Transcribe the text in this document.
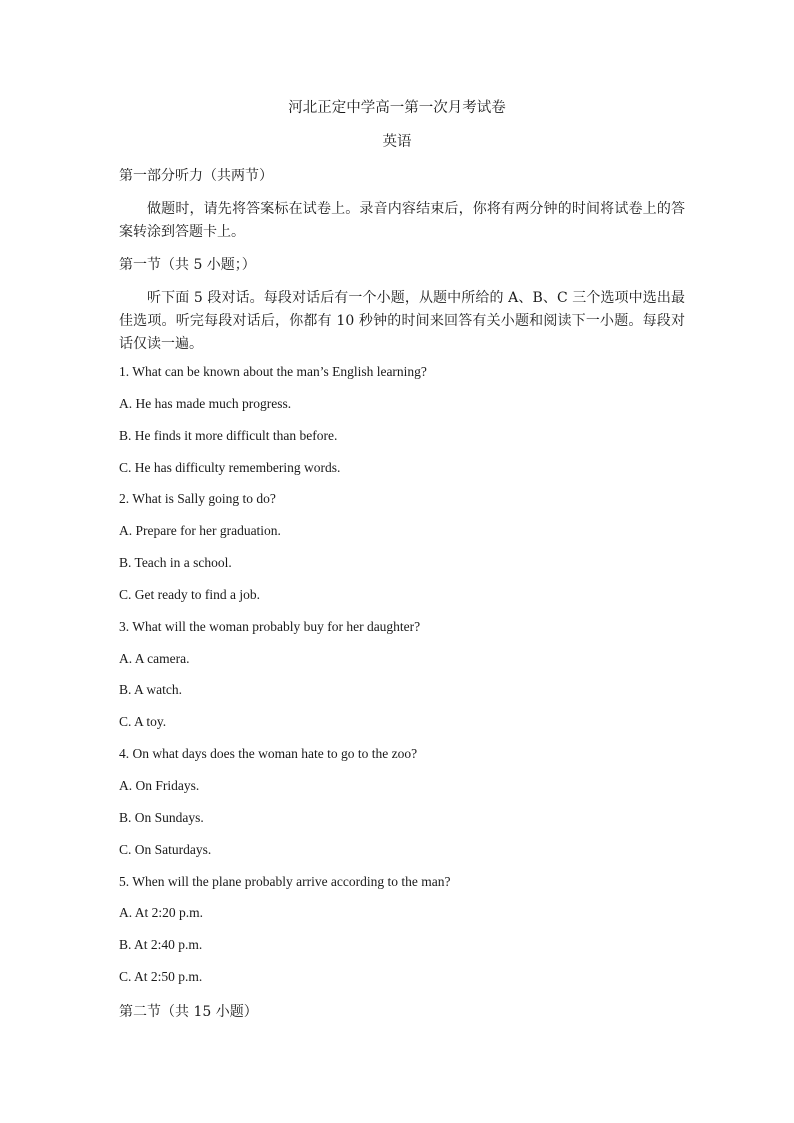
河北正定中学高一第一次月考试卷
英语
第一部分听力（共两节）
做题时，请先将答案标在试卷上。录音内容结束后，你将有两分钟的时间将试卷上的答案转涂到答题卡上。
第一节（共 5 小题；）
听下面 5 段对话。每段对话后有一个小题，从题中所给的 A、B、C 三个选项中选出最佳选项。听完每段对话后，你都有 10 秒钟的时间来回答有关小题和阅读下一小题。每段对话仅读一遍。
1. What can be known about the man’s English learning?
A. He has made much progress.
B. He finds it more difficult than before.
C. He has difficulty remembering words.
2. What is Sally going to do?
A. Prepare for her graduation.
B. Teach in a school.
C. Get ready to find a job.
3. What will the woman probably buy for her daughter?
A. A camera.
B. A watch.
C. A toy.
4. On what days does the woman hate to go to the zoo?
A. On Fridays.
B. On Sundays.
C. On Saturdays.
5. When will the plane probably arrive according to the man?
A. At 2:20 p.m.
B. At 2:40 p.m.
C. At 2:50 p.m.
第二节（共 15 小题）
